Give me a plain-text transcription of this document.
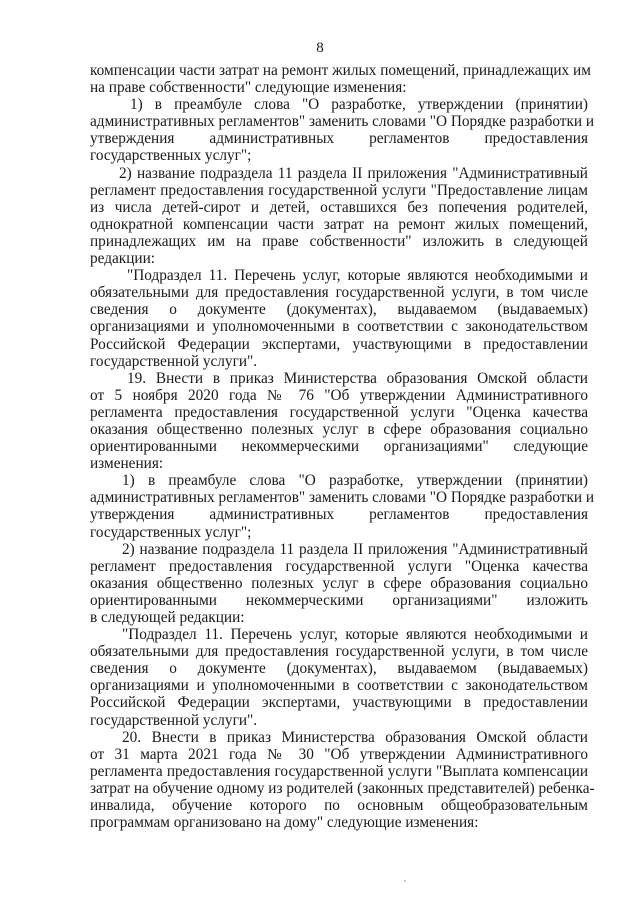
8
компенсации части затрат на ремонт жилых помещений, принадлежащих им
на праве собственности" следующие изменения:
1) в преамбуле слова "О разработке, утверждении (принятии)
административных регламентов" заменить словами "О Порядке разработки и
утверждения административных регламентов предоставления
государственных услуг";
2) название подраздела 11 раздела II приложения "Административный
регламент предоставления государственной услуги "Предоставление лицам
из числа детей-сирот и детей, оставшихся без попечения родителей,
однократной компенсации части затрат на ремонт жилых помещений,
принадлежащих им на праве собственности" изложить в следующей
редакции:
"Подраздел 11. Перечень услуг, которые являются необходимыми и
обязательными для предоставления государственной услуги, в том числе
сведения о документе (документах), выдаваемом (выдаваемых)
организациями и уполномоченными в соответствии с законодательством
Российской Федерации экспертами, участвующими в предоставлении
государственной услуги".
19. Внести в приказ Министерства образования Омской области
от 5 ноября 2020 года № 76 "Об утверждении Административного
регламента предоставления государственной услуги "Оценка качества
оказания общественно полезных услуг в сфере образования социально
ориентированными некоммерческими организациями" следующие
изменения:
1) в преамбуле слова "О разработке, утверждении (принятии)
административных регламентов" заменить словами "О Порядке разработки и
утверждения административных регламентов предоставления
государственных услуг";
2) название подраздела 11 раздела II приложения "Административный
регламент предоставления государственной услуги "Оценка качества
оказания общественно полезных услуг в сфере образования социально
ориентированными некоммерческими организациями" изложить
в следующей редакции:
"Подраздел 11. Перечень услуг, которые являются необходимыми и
обязательными для предоставления государственной услуги, в том числе
сведения о документе (документах), выдаваемом (выдаваемых)
организациями и уполномоченными в соответствии с законодательством
Российской Федерации экспертами, участвующими в предоставлении
государственной услуги".
20. Внести в приказ Министерства образования Омской области
от 31 марта 2021 года № 30 "Об утверждении Административного
регламента предоставления государственной услуги "Выплата компенсации
затрат на обучение одному из родителей (законных представителей) ребенка-
инвалида, обучение которого по основным общеобразовательным
программам организовано на дому" следующие изменения:
